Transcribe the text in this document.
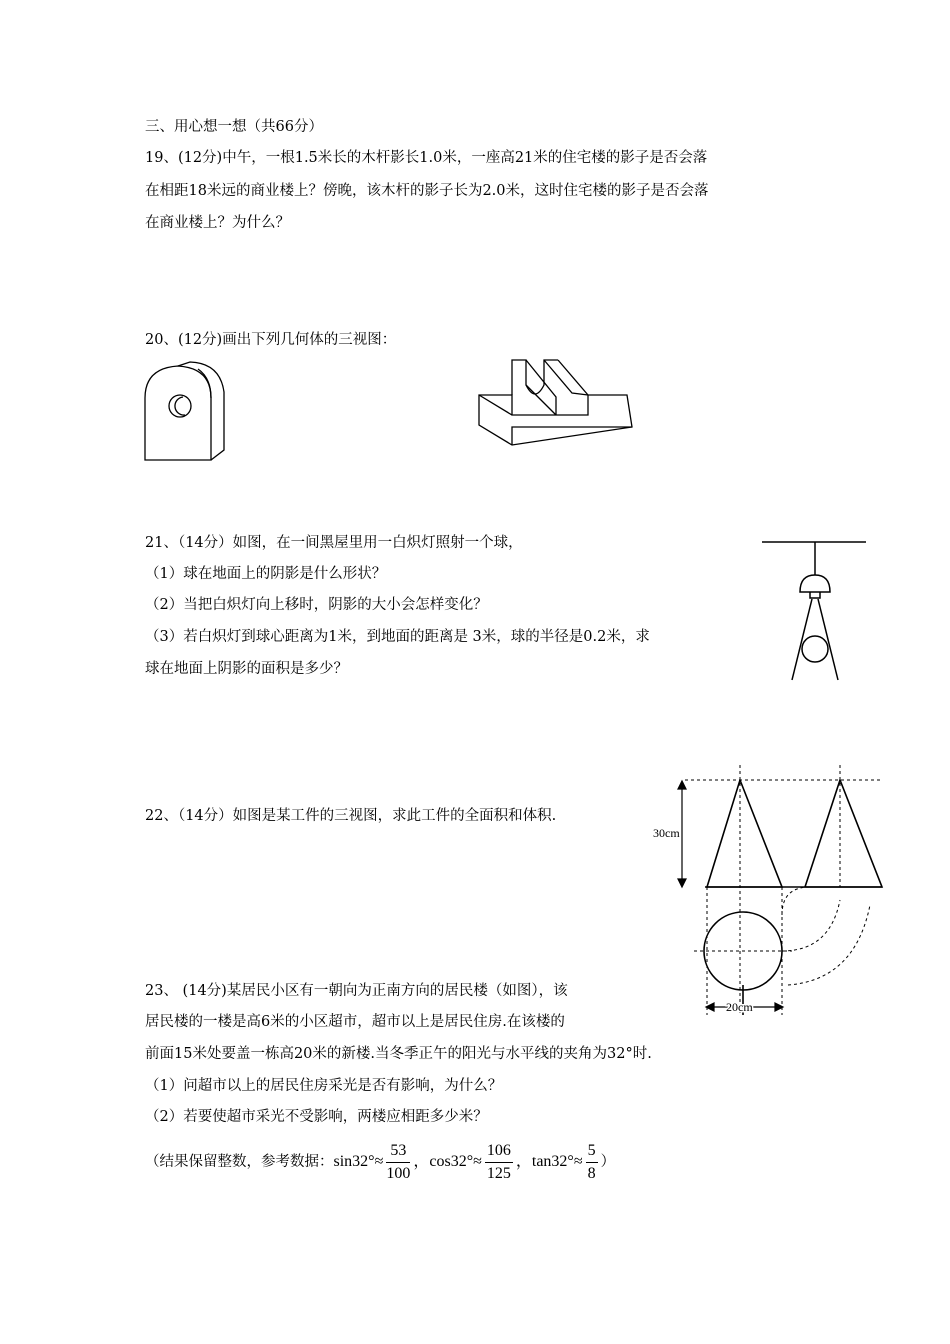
三、用心想一想（共66分）
19、(12分)中午，一根1.5米长的木杆影长1.0米，一座高21米的住宅楼的影子是否会落
在相距18米远的商业楼上？傍晚，该木杆的影子长为2.0米，这时住宅楼的影子是否会落
在商业楼上？为什么？
20、(12分)画出下列几何体的三视图：
21、（14分）如图，在一间黑屋里用一白炽灯照射一个球，
（1）球在地面上的阴影是什么形状？
（2）当把白炽灯向上移时，阴影的大小会怎样变化？
（3）若白炽灯到球心距离为1米，到地面的距离是 3米，球的半径是0.2米，求
球在地面上阴影的面积是多少？
22、（14分）如图是某工件的三视图，求此工件的全面积和体积.
30cm
20cm
23、 (14分)某居民小区有一朝向为正南方向的居民楼（如图），该
居民楼的一楼是高6米的小区超市，超市以上是居民住房.在该楼的
前面15米处要盖一栋高20米的新楼.当冬季正午的阳光与水平线的夹角为32°时.
（1）问超市以上的居民住房采光是否有影响，为什么？
（2）若要使超市采光不受影响，两楼应相距多少米？
（结果保留整数，参考数据：$\sin 32^\circ\approx \frac{53}{100}$ ，$\cos 32^\circ\approx \frac{106}{125}$ ，$\tan 32^\circ\approx \frac{5}{8}$ ）
